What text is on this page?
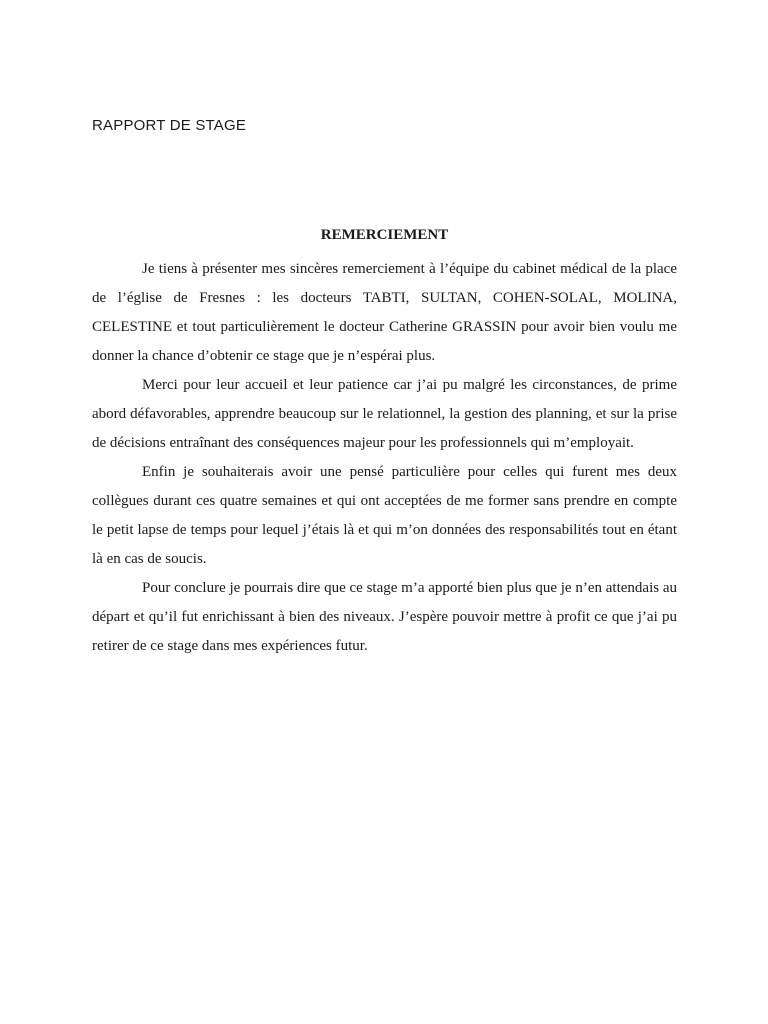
RAPPORT DE STAGE
REMERCIEMENT

Je tiens à présenter mes sincères remerciement à l’équipe du cabinet médical de la place de l’église de Fresnes : les docteurs TABTI, SULTAN, COHEN-SOLAL, MOLINA, CELESTINE et tout particulièrement le docteur Catherine GRASSIN pour avoir bien voulu me donner la chance d’obtenir ce stage que je n’espérai plus.

Merci pour leur accueil et leur patience car j’ai pu malgré les circonstances, de prime abord défavorables, apprendre beaucoup sur le relationnel, la gestion des planning, et sur la prise de décisions entraînant des conséquences majeur pour les professionnels qui m’employait.

Enfin je souhaiterais avoir une pensé particulière pour celles qui furent mes deux collègues durant ces quatre semaines et qui ont acceptées de me former sans prendre en compte le petit lapse de temps pour lequel j’étais là et qui m’on données des responsabilités tout en étant là en cas de soucis.

Pour conclure je pourrais dire que ce stage m’a apporté bien plus que je n’en attendais au départ et qu’il fut enrichissant à bien des niveaux. J’espère pouvoir mettre à profit ce que j’ai pu retirer de ce stage dans mes expériences futur.
